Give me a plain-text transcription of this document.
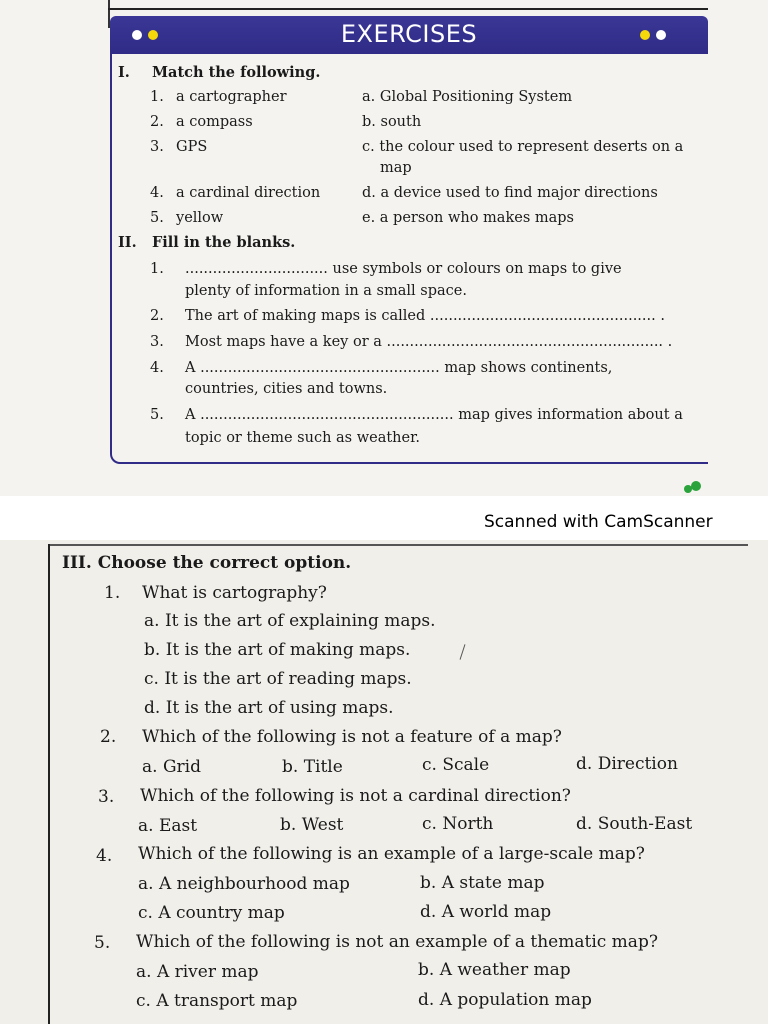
EXERCISES
I. Match the following.
1. a cartographer	a. Global Positioning System
2. a compass	b. south
3. GPS	c. the colour used to represent deserts on a
map
4. a cardinal direction	d. a device used to find major directions
5. yellow	e. a person who makes maps
II. Fill in the blanks.
1. ............................... use symbols or colours on maps to give
plenty of information in a small space.
2. The art of making maps is called ................................................. .
3. Most maps have a key or a ............................................................ .
4. A .................................................... map shows continents,
countries, cities and towns.
5. A ....................................................... map gives information about a
topic or theme such as weather.
Scanned with CamScanner
III. Choose the correct option.
1. What is cartography?
a. It is the art of explaining maps.
b. It is the art of making maps.
c. It is the art of reading maps.
d. It is the art of using maps.
2. Which of the following is not a feature of a map?
a. Grid	b. Title	c. Scale	d. Direction
3. Which of the following is not a cardinal direction?
a. East	b. West	c. North	d. South-East
4. Which of the following is an example of a large-scale map?
a. A neighbourhood map	b. A state map
c. A country map	d. A world map
5. Which of the following is not an example of a thematic map?
a. A river map	b. A weather map
c. A transport map	d. A population map
